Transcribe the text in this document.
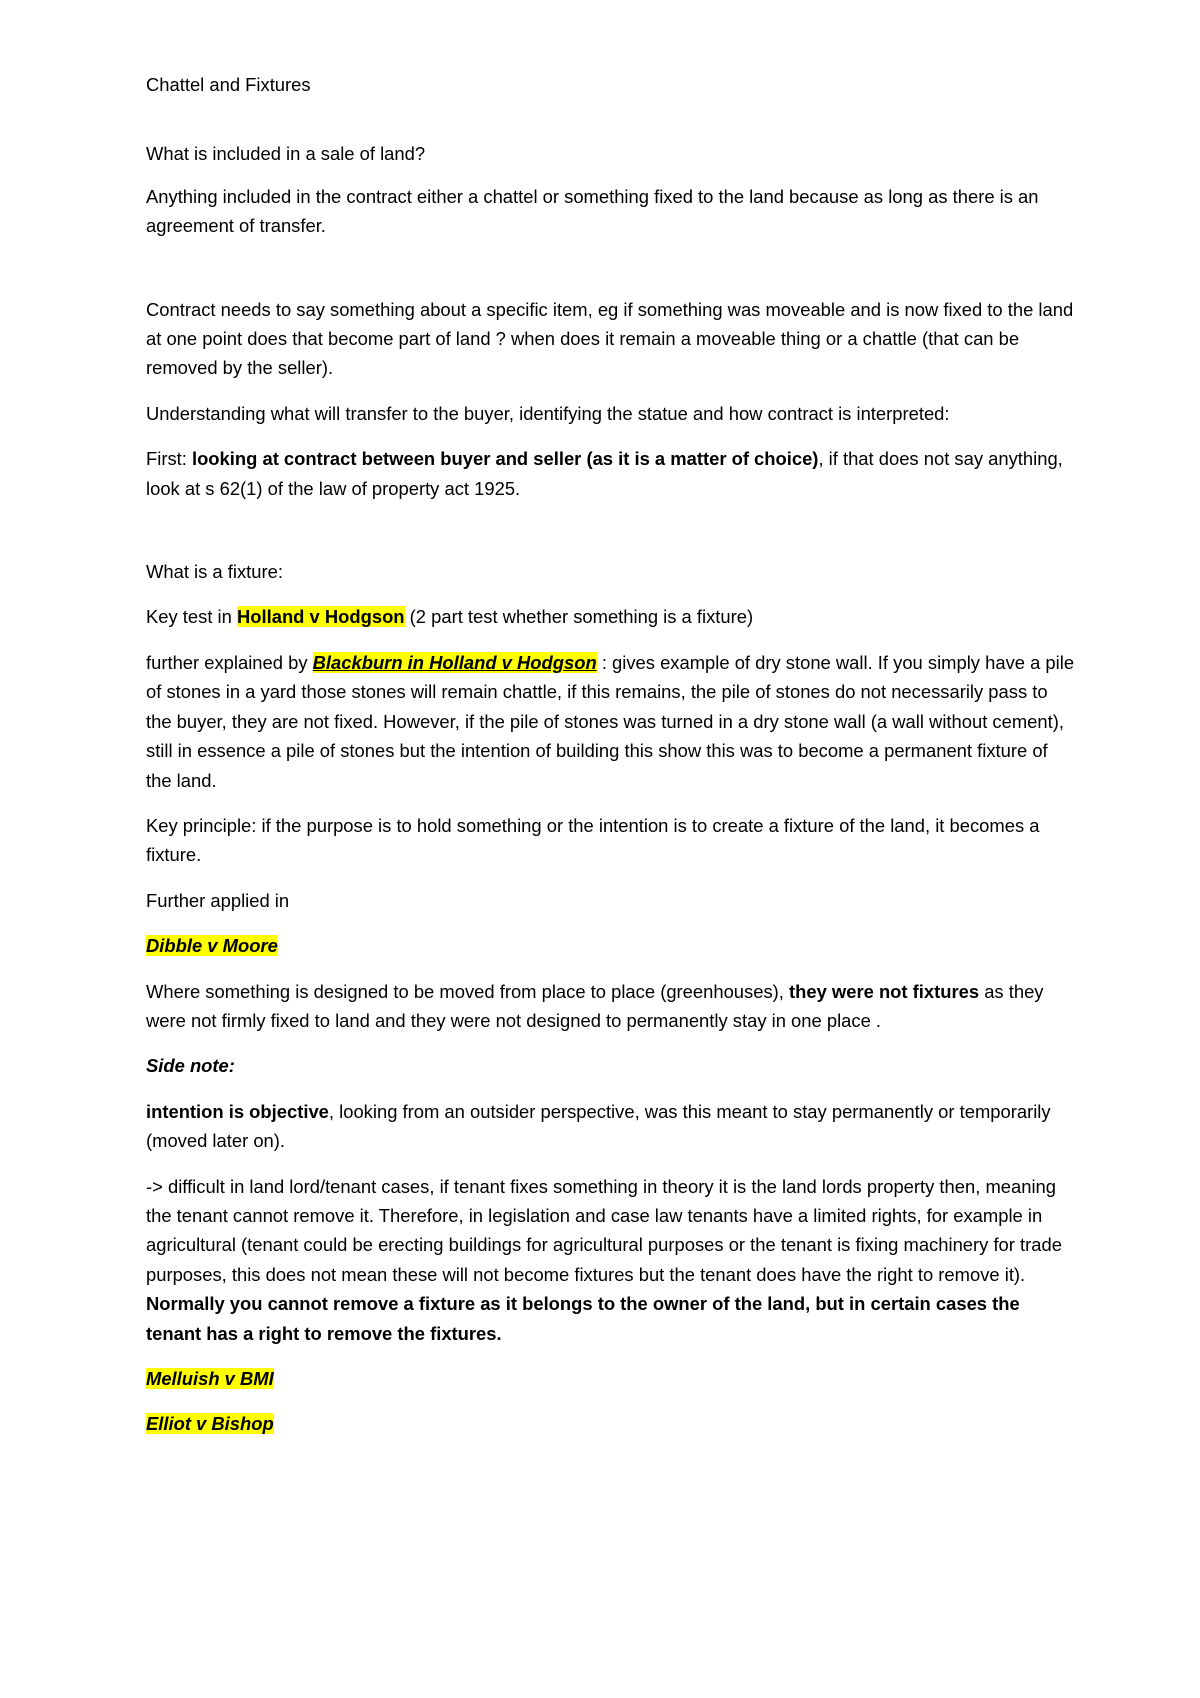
Chattel and Fixtures

What is included in a sale of land?

Anything included in the contract either a chattel or something fixed to the land because as long as there is an agreement of transfer.

Contract needs to say something about a specific item, eg if something was moveable and is now fixed to the land at one point does that become part of land ? when does it remain a moveable thing or a chattle (that can be removed by the seller).

Understanding what will transfer to the buyer, identifying the statue and how contract is interpreted:

First: looking at contract between buyer and seller (as it is a matter of choice), if that does not say anything, look at s 62(1) of the law of property act 1925.

What is a fixture:

Key test in Holland v Hodgson (2 part test whether something is a fixture)

further explained by Blackburn in Holland v Hodgson : gives example of dry stone wall. If you simply have a pile of stones in a yard those stones will remain chattle, if this remains, the pile of stones do not necessarily pass to the buyer, they are not fixed. However, if the pile of stones was turned in a dry stone wall (a wall without cement), still in essence a pile of stones but the intention of building this show this was to become a permanent fixture of the land.

Key principle: if the purpose is to hold something or the intention is to create a fixture of the land, it becomes a fixture.

Further applied in

Dibble v Moore

Where something is designed to be moved from place to place (greenhouses), they were not fixtures as they were not firmly fixed to land and they were not designed to permanently stay in one place .

Side note:

intention is objective, looking from an outsider perspective, was this meant to stay permanently or temporarily (moved later on).

-> difficult in land lord/tenant cases, if tenant fixes something in theory it is the land lords property then, meaning the tenant cannot remove it. Therefore, in legislation and case law tenants have a limited rights, for example in agricultural (tenant could be erecting buildings for agricultural purposes or the tenant is fixing machinery for trade purposes, this does not mean these will not become fixtures but the tenant does have the right to remove it). Normally you cannot remove a fixture as it belongs to the owner of the land, but in certain cases the tenant has a right to remove the fixtures.

Melluish v BMI

Elliot v Bishop
